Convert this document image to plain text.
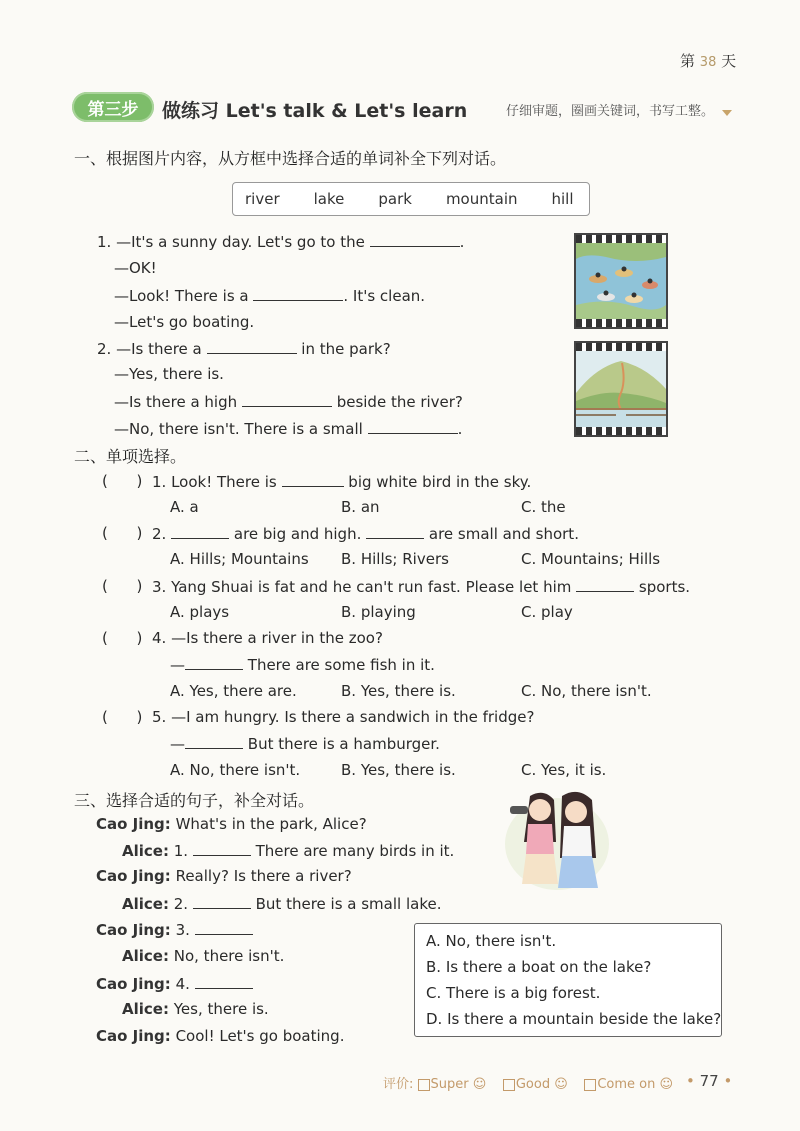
第 38 天
第三步	做练习 Let's talk & Let's learn	仔细审题，圈画关键词，书写工整。
一、根据图片内容，从方框中选择合适的单词补全下列对话。
river lake park mountain hill
1. —It's a sunny day. Let's go to the	.
—OK!
—Look! There is a	. It's clean.
—Let's go boating.
2. —Is there a	in the park?
—Yes, there is.
—Is there a high	beside the river?
—No, there isn't. There is a small	.
二、单项选择。
( ) 1. Look! There is	big white bird in the sky.
A. a	B. an	C. the
( ) 2.	are big and high.	are small and short.
A. Hills; Mountains B. Hills; Rivers	C. Mountains; Hills
( ) 3. Yang Shuai is fat and he can't run fast. Please let him	sports.
A. plays	B. playing	C. play
( ) 4. —Is there a river in the zoo?
—	There are some fish in it.
A. Yes, there are.	B. Yes, there is.	C. No, there isn't.
( ) 5. —I am hungry. Is there a sandwich in the fridge?
—	But there is a hamburger.
A. No, there isn't.	B. Yes, there is.	C. Yes, it is.
三、选择合适的句子，补全对话。
Cao Jing: What's in the park, Alice?
Alice: 1.	There are many birds in it.
Cao Jing: Really? Is there a river?
Alice: 2.	But there is a small lake.
Cao Jing: 3.
Alice: No, there isn't.
Cao Jing: 4.
Alice: Yes, there is.
Cao Jing: Cool! Let's go boating.
A. No, there isn't.
B. Is there a boat on the lake?
C. There is a big forest.
D. Is there a mountain beside the lake?
评价: Super ☺ Good ☺ Come on ☺ • 77 •
